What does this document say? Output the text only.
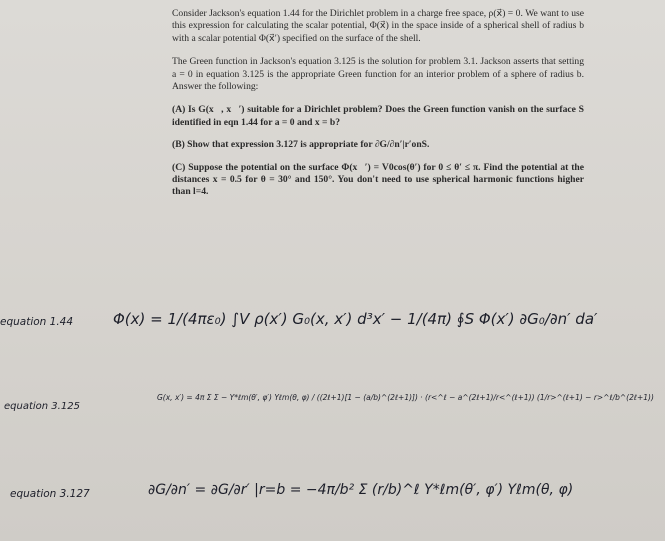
Consider Jackson's equation 1.44 for the Dirichlet problem in a charge free space, ρ(x⃗) = 0. We want to use this expression for calculating the scalar potential, Φ(x⃗) in the space inside of a spherical shell of radius b with a scalar potential Φ(x⃗′) specified on the surface of the shell.

The Green function in Jackson's equation 3.125 is the solution for problem 3.1. Jackson asserts that setting a = 0 in equation 3.125 is the appropriate Green function for an interior problem of a sphere of radius b. Answer the following:

(A) Is G(x⃗, x⃗′) suitable for a Dirichlet problem? Does the Green function vanish on the surface S identified in eqn 1.44 for a = 0 and x = b?

(B) Show that expression 3.127 is appropriate for ∂G/∂n′|r′onS.

(C) Suppose the potential on the surface Φ(x⃗′) = V0cos(θ′) for 0 ≤ θ′ ≤ π. Find the potential at the distances x = 0.5 for θ = 30° and 150°. You don't need to use spherical harmonic functions higher than l=4.

equation 1.44	Φ(x) = 1/(4πε₀) ∫V ρ(x′) G₀(x, x′) d³x′ − 1/(4π) ∮S Φ(x′) ∂G₀/∂n′ da′
equation 3.125
G(x, x′) = 4π Σ Σ − Y*ℓm(θ′, φ′) Yℓm(θ, φ) / ((2ℓ+1)[1 − (a/b)^(2ℓ+1)]) · (r<^ℓ − a^(2ℓ+1)/r<^(ℓ+1)) (1/r>^(ℓ+1) − r>^ℓ/b^(2ℓ+1))
equation 3.127	∂G/∂n′ = ∂G/∂r′ |r=b = −4π/b² Σ (r/b)^ℓ Y*ℓm(θ′, φ′) Yℓm(θ, φ)
